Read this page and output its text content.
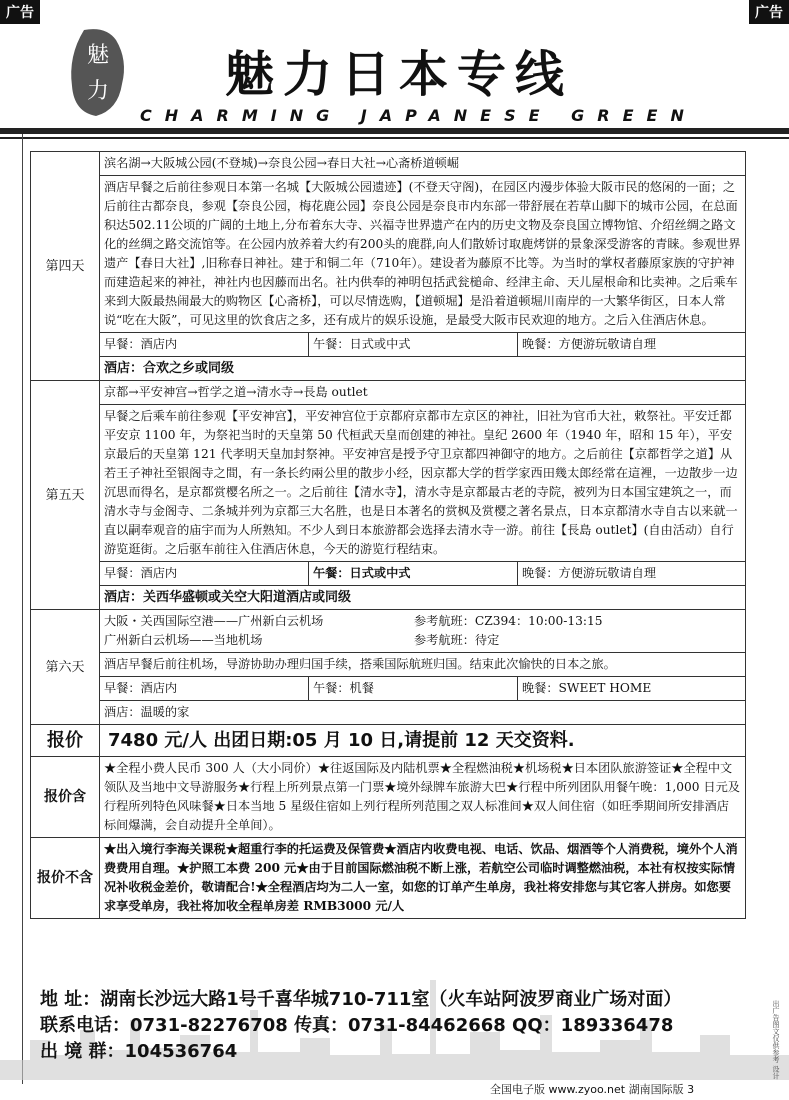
广告	广告
魅
力 魅力日本专线
CHARMING JAPANESE GREEN
第四天	滨名湖→大阪城公园(不登城)→奈良公园→春日大社→心斋桥道顿崛		
	酒店早餐之后前往参观日本第一名城【大阪城公园遗迹】(不登天守阁)，在园区内漫步体验大阪市民的悠闲的一面；之后前往古都奈良，参观【奈良公园，梅花鹿公园】奈良公园是奈良市内东部一带舒展在若草山脚下的城市公园，在总面积达502.11公顷的广阔的土地上,分布着东大寺、兴福寺世界遗产在内的历史文物及奈良国立博物馆、介绍丝绸之路文化的丝绸之路交流馆等。在公园内放养着大约有200头的鹿群,向人们散娇讨取鹿烤饼的景象深受游客的青睐。参观世界遗产【春日大社】,旧称春日神社。建于和铜二年（710年）。建设者为藤原不比等。为当时的掌权者藤原家族的守护神而建造起来的神社，神社内也因藤而出名。社内供奉的神明包括武瓮槌命、经津主命、天儿屋根命和比卖神。之后乘车来到大阪最热闹最大的购物区【心斋桥】，可以尽情选购，【道顿堀】是沿着道顿堀川南岸的一大繁华街区，日本人常说“吃在大阪”，可见这里的饮食店之多，还有成片的娱乐设施，是最受大阪市民欢迎的地方。之后入住酒店休息。		
	早餐：酒店内	午餐：日式或中式	晚餐：方便游玩敬请自理
	酒店：合欢之乡或同级		
第五天	京都→平安神宫→哲学之道→清水寺→長島 outlet		
	早餐之后乘车前往参观【平安神宫】，平安神宫位于京都府京都市左京区的神社，旧社为官币大社，敕祭社。平安迁都平安京 1100 年，为祭祀当时的天皇第 50 代桓武天皇而创建的神社。皇纪 2600 年（1940 年，昭和 15 年），平安京最后的天皇第 121 代孝明天皇加封祭神。平安神宫是授予守卫京都四神御守的地方。之后前往【京都哲学之道】从若王子神社至银阁寺之間，有一条长约兩公里的散步小经，因京都大学的哲学家西田幾太郎经常在這裡，一边散步一边沉思而得名，是京都赏樱名所之一。之后前往【清水寺】，清水寺是京都最古老的寺院，被列为日本国宝建筑之一，而清水寺与金阁寺、二条城并列为京都三大名胜，也是日本著名的赏枫及赏樱之著名景点，日本京都清水寺自古以来就一直以嗣奉观音的庙宇而为人所熟知。不少人到日本旅游都会选择去清水寺一游。前往【長島 outlet】(自由活动）自行游览逛街。之后驱车前往入住酒店休息，今天的游览行程结束。		
	早餐：酒店内	午餐：日式或中式	晚餐：方便游玩敬请自理
	酒店：关西华盛顿或关空大阳道酒店或同级		
第六天	大阪・关西国际空港——广州新白云机场 参考航班：CZ394：10:00-13:15
广州新白云机场——当地机场 参考航班：待定		

	酒店早餐后前往机场，导游协助办理归国手续，搭乘国际航班归国。结束此次愉快的日本之旅。		
	早餐：酒店内	午餐：机餐	晚餐：SWEET HOME
	酒店：温暖的家		
报价	7480 元/人 出团日期:05 月 10 日,请提前 12 天交资料.		
报价含	★全程小费人民币 300 人（大小同价）★往返国际及内陆机票★全程燃油税★机场税★日本团队旅游签证★全程中文领队及当地中文导游服务★行程上所列景点第一门票★境外绿牌车旅游大巴★行程中所列团队用餐午晚：1,000 日元及行程所列特色风味餐★日本当地 5 星级住宿如上列行程所列范围之双人标准间★双人间住宿（如旺季期间所安排酒店标间爆满，会自动提升全单间）。		
报价不含	★出入境行李海关课税★超重行李的托运费及保管费★酒店内收费电视、电话、饮品、烟酒等个人消费税，境外个人消费费用自理。★护照工本费 200 元★由于目前国际燃油税不断上涨，若航空公司临时调整燃油税，本社有权按实际情况补收税金差价，敬请配合!★全程酒店均为二人一室，如您的订单产生单房，我社将安排您与其它客人拼房。如您要求享受单房，我社将加收全程单房差 RMB3000 元/人		
地 址：湖南长沙远大路1号千喜华城710-711室（火车站阿波罗商业广场对面）
联系电话：0731-82276708 传真：0731-84462668 QQ：189336478
出 境 群：104536764	出广告图文仅供参考 设计
全国电子版 www.zyoo.net 湖南国际版 3
